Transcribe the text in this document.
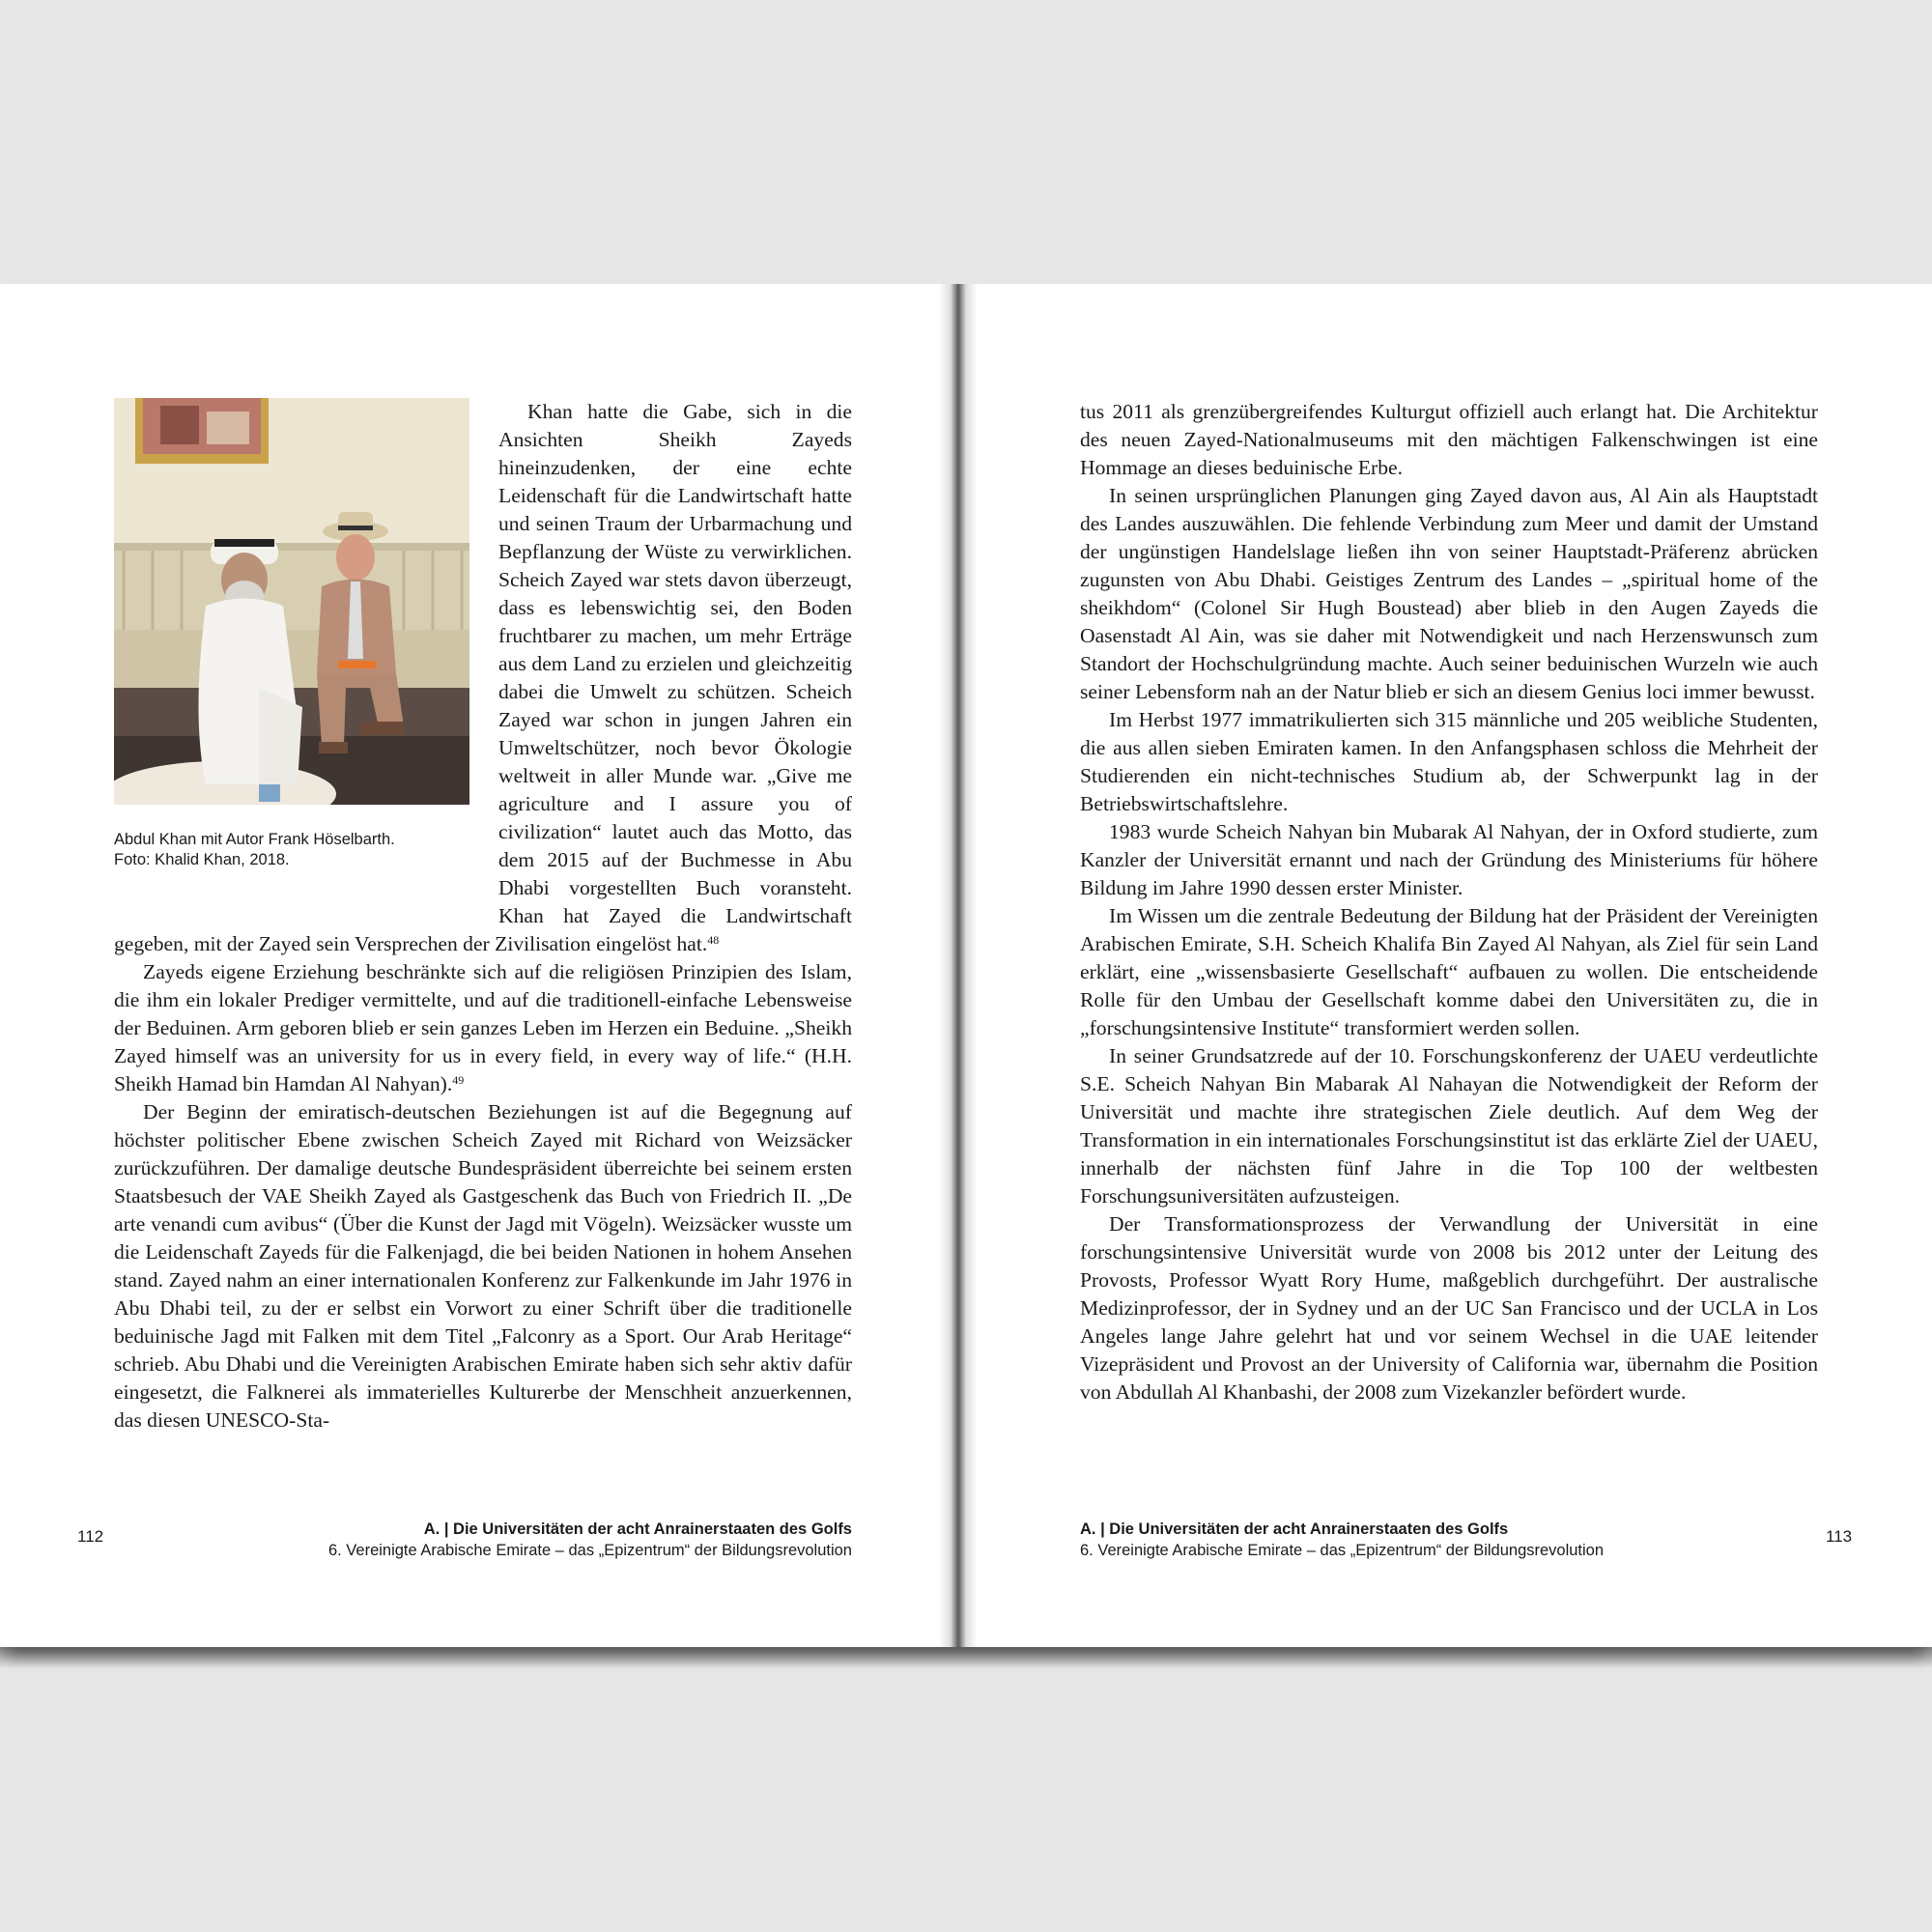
Abdul Khan mit Autor Frank Höselbarth.
Foto: Khalid Khan, 2018.

Khan hatte die Gabe, sich in die Ansichten Sheikh Zayeds hineinzudenken, der eine echte Leidenschaft für die Landwirtschaft hatte und seinen Traum der Urbarmachung und Bepflanzung der Wüste zu verwirklichen. Scheich Zayed war stets davon überzeugt, dass es lebenswichtig sei, den Boden fruchtbarer zu machen, um mehr Erträge aus dem Land zu erzielen und gleichzeitig dabei die Umwelt zu schützen. Scheich Zayed war schon in jungen Jahren ein Umweltschützer, noch bevor Ökologie weltweit in aller Munde war. „Give me agriculture and I assure you of civilization“ lautet auch das Motto, das dem 2015 auf der Buchmesse in Abu Dhabi vorgestellten Buch voransteht. Khan hat Zayed die Landwirtschaft gegeben, mit der Zayed sein Versprechen der Zivilisation eingelöst hat.$^{48}$

Zayeds eigene Erziehung beschränkte sich auf die religiösen Prinzipien des Islam, die ihm ein lokaler Prediger vermittelte, und auf die traditionell-einfache Lebensweise der Beduinen. Arm geboren blieb er sein ganzes Leben im Herzen ein Beduine. „Sheikh Zayed himself was an university for us in every field, in every way of life.“ (H.H. Sheikh Hamad bin Hamdan Al Nahyan).$^{49}$

Der Beginn der emiratisch-deutschen Beziehungen ist auf die Begegnung auf höchster politischer Ebene zwischen Scheich Zayed mit Richard von Weizsäcker zurückzuführen. Der damalige deutsche Bundespräsident überreichte bei seinem ersten Staatsbesuch der VAE Sheikh Zayed als Gastgeschenk das Buch von Friedrich II. „De arte venandi cum avibus“ (Über die Kunst der Jagd mit Vögeln). Weizsäcker wusste um die Leidenschaft Zayeds für die Falkenjagd, die bei beiden Nationen in hohem Ansehen stand. Zayed nahm an einer internationalen Konferenz zur Falkenkunde im Jahr 1976 in Abu Dhabi teil, zu der er selbst ein Vorwort zu einer Schrift über die traditionelle beduinische Jagd mit Falken mit dem Titel „Falconry as a Sport. Our Arab Heritage“ schrieb. Abu Dhabi und die Vereinigten Arabischen Emirate haben sich sehr aktiv dafür eingesetzt, die Falknerei als immaterielles Kulturerbe der Menschheit anzuerkennen, das diesen UNESCO-Sta-

112	A. | Die Universitäten der acht Anrainerstaaten des Golfs
6. Vereinigte Arabische Emirate – das „Epizentrum“ der Bildungsrevolution

tus 2011 als grenzübergreifendes Kulturgut offiziell auch erlangt hat. Die Architektur des neuen Zayed-Nationalmuseums mit den mächtigen Falkenschwingen ist eine Hommage an dieses beduinische Erbe.

In seinen ursprünglichen Planungen ging Zayed davon aus, Al Ain als Hauptstadt des Landes auszuwählen. Die fehlende Verbindung zum Meer und damit der Umstand der ungünstigen Handelslage ließen ihn von seiner Hauptstadt-Präferenz abrücken zugunsten von Abu Dhabi. Geistiges Zentrum des Landes – „spiritual home of the sheikhdom“ (Colonel Sir Hugh Boustead) aber blieb in den Augen Zayeds die Oasenstadt Al Ain, was sie daher mit Notwendigkeit und nach Herzenswunsch zum Standort der Hochschulgründung machte. Auch seiner beduinischen Wurzeln wie auch seiner Lebensform nah an der Natur blieb er sich an diesem Genius loci immer bewusst.

Im Herbst 1977 immatrikulierten sich 315 männliche und 205 weibliche Studenten, die aus allen sieben Emiraten kamen. In den Anfangsphasen schloss die Mehrheit der Studierenden ein nicht-technisches Studium ab, der Schwerpunkt lag in der Betriebswirtschaftslehre.

1983 wurde Scheich Nahyan bin Mubarak Al Nahyan, der in Oxford studierte, zum Kanzler der Universität ernannt und nach der Gründung des Ministeriums für höhere Bildung im Jahre 1990 dessen erster Minister.

Im Wissen um die zentrale Bedeutung der Bildung hat der Präsident der Vereinigten Arabischen Emirate, S.H. Scheich Khalifa Bin Zayed Al Nahyan, als Ziel für sein Land erklärt, eine „wissensbasierte Gesellschaft“ aufbauen zu wollen. Die entscheidende Rolle für den Umbau der Gesellschaft komme dabei den Universitäten zu, die in „forschungsintensive Institute“ transformiert werden sollen.

In seiner Grundsatzrede auf der 10. Forschungskonferenz der UAEU verdeutlichte S.E. Scheich Nahyan Bin Mabarak Al Nahayan die Notwendigkeit der Reform der Universität und machte ihre strategischen Ziele deutlich. Auf dem Weg der Transformation in ein internationales Forschungsinstitut ist das erklärte Ziel der UAEU, innerhalb der nächsten fünf Jahre in die Top 100 der weltbesten Forschungsuniversitäten aufzusteigen.

Der Transformationsprozess der Verwandlung der Universität in eine forschungsintensive Universität wurde von 2008 bis 2012 unter der Leitung des Provosts, Professor Wyatt Rory Hume, maßgeblich durchgeführt. Der australische Medizinprofessor, der in Sydney und an der UC San Francisco und der UCLA in Los Angeles lange Jahre gelehrt hat und vor seinem Wechsel in die UAE leitender Vizepräsident und Provost an der University of California war, übernahm die Position von Abdullah Al Khanbashi, der 2008 zum Vizekanzler befördert wurde.

A. | Die Universitäten der acht Anrainerstaaten des Golfs
6. Vereinigte Arabische Emirate – das „Epizentrum“ der Bildungsrevolution
113
